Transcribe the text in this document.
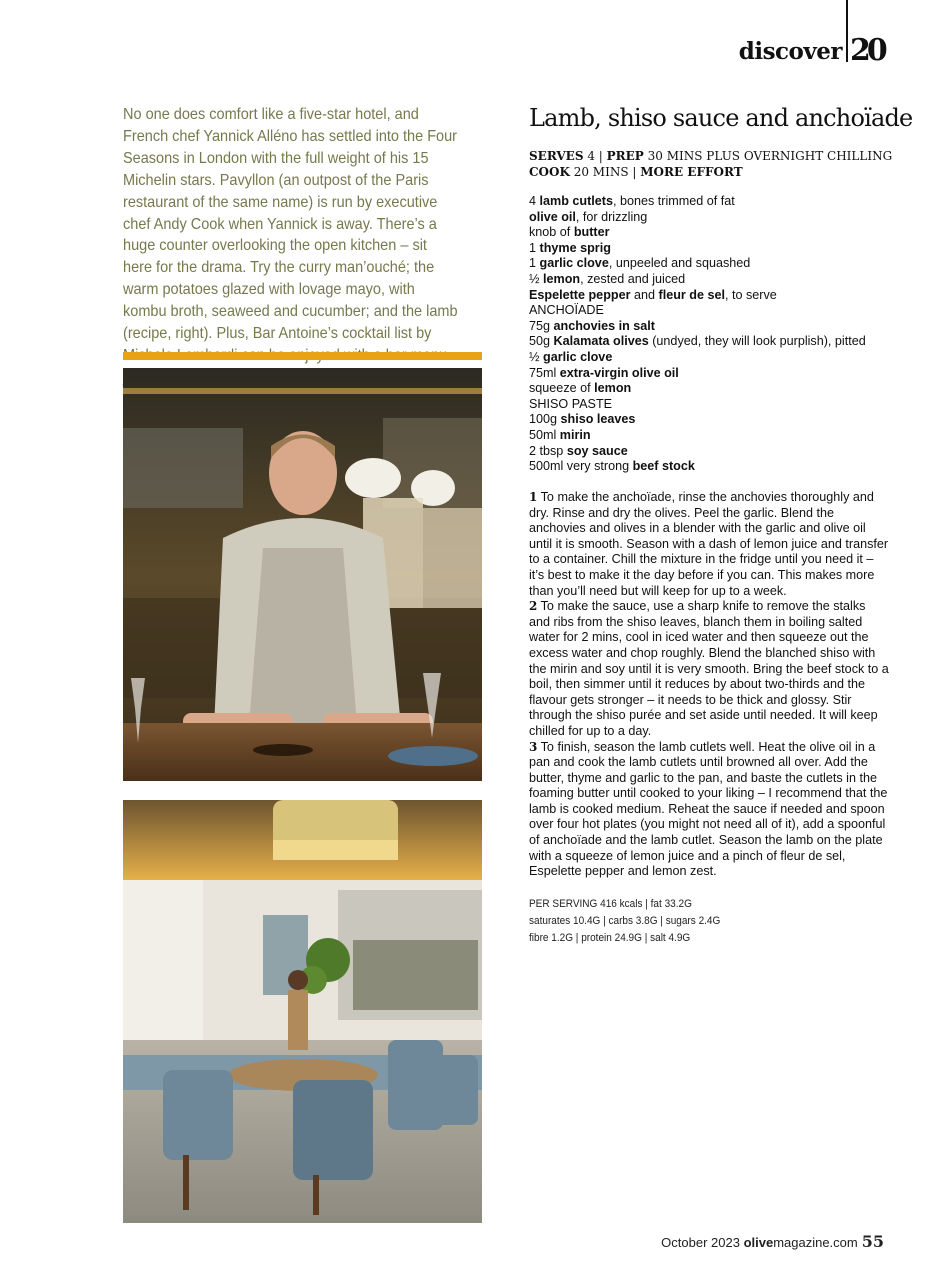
discover 20

No one does comfort like a five-star hotel, and French chef Yannick Alléno has settled into the Four Seasons in London with the full weight of his 15 Michelin stars. Pavyllon (an outpost of the Paris restaurant of the same name) is run by executive chef Andy Cook when Yannick is away. There’s a huge counter overlooking the open kitchen – sit here for the drama. Try the curry man’ouché; the warm potatoes glazed with lovage mayo, with kombu broth, seaweed and cucumber; and the lamb (recipe, right). Plus, Bar Antoine’s cocktail list by

Lamb, shiso sauce and anchoïade
SERVES 4 | PREP 30 MINS PLUS OVERNIGHT CHILLING
COOK 20 MINS | MORE EFFORT
4 lamb cutlets, bones trimmed of fat
olive oil, for drizzling
knob of butter
1 thyme sprig
1 garlic clove, unpeeled and squashed
½ lemon, zested and juiced
Espelette pepper and fleur de sel, to serve
ANCHOÏADE
75g anchovies in salt
50g Kalamata olives (undyed, they will look purplish), pitted
½ garlic clove
75ml extra-virgin olive oil
squeeze of lemon
SHISO PASTE
100g shiso leaves
50ml mirin
2 tbsp soy sauce
500ml very strong beef stock

1 To make the anchoïade, rinse the anchovies thoroughly and dry. Rinse and dry the olives. Peel the garlic. Blend the anchovies and olives in a blender with the garlic and olive oil until it is smooth. Season with a dash of lemon juice and transfer to a container. Chill the mixture in the fridge until you need it – it’s best to make it the day before if you can. This makes more than you’ll need but will keep for up to a week.

2 To make the sauce, use a sharp knife to remove the stalks and ribs from the shiso leaves, blanch them in boiling salted water for 2 mins, cool in iced water and then squeeze out the excess water and chop roughly. Blend the blanched shiso with the mirin and soy until it is very smooth. Bring the beef stock to a boil, then simmer until it reduces by about two-thirds and the flavour gets stronger – it needs to be thick and glossy. Stir through the shiso purée and set aside until needed. It will keep chilled for up to a day.

3 To finish, season the lamb cutlets well. Heat the olive oil in a pan and cook the lamb cutlets until browned all over. Add the butter, thyme and garlic to the pan, and baste the cutlets in the foaming butter until cooked to your liking – I recommend that the lamb is cooked medium. Reheat the sauce if needed and spoon over four hot plates (you might not need all of it), add a spoonful of anchoïade and the lamb cutlet. Season the lamb on the plate with a squeeze of lemon juice and a pinch of fleur de sel, Espelette pepper and lemon zest.

PER SERVING 416 kcals | fat 33.2G

saturates 10.4G | carbs 3.8G | sugars 2.4G

fibre 1.2G | protein 24.9G | salt 4.9G

October 2023 olivemagazine.com 55
